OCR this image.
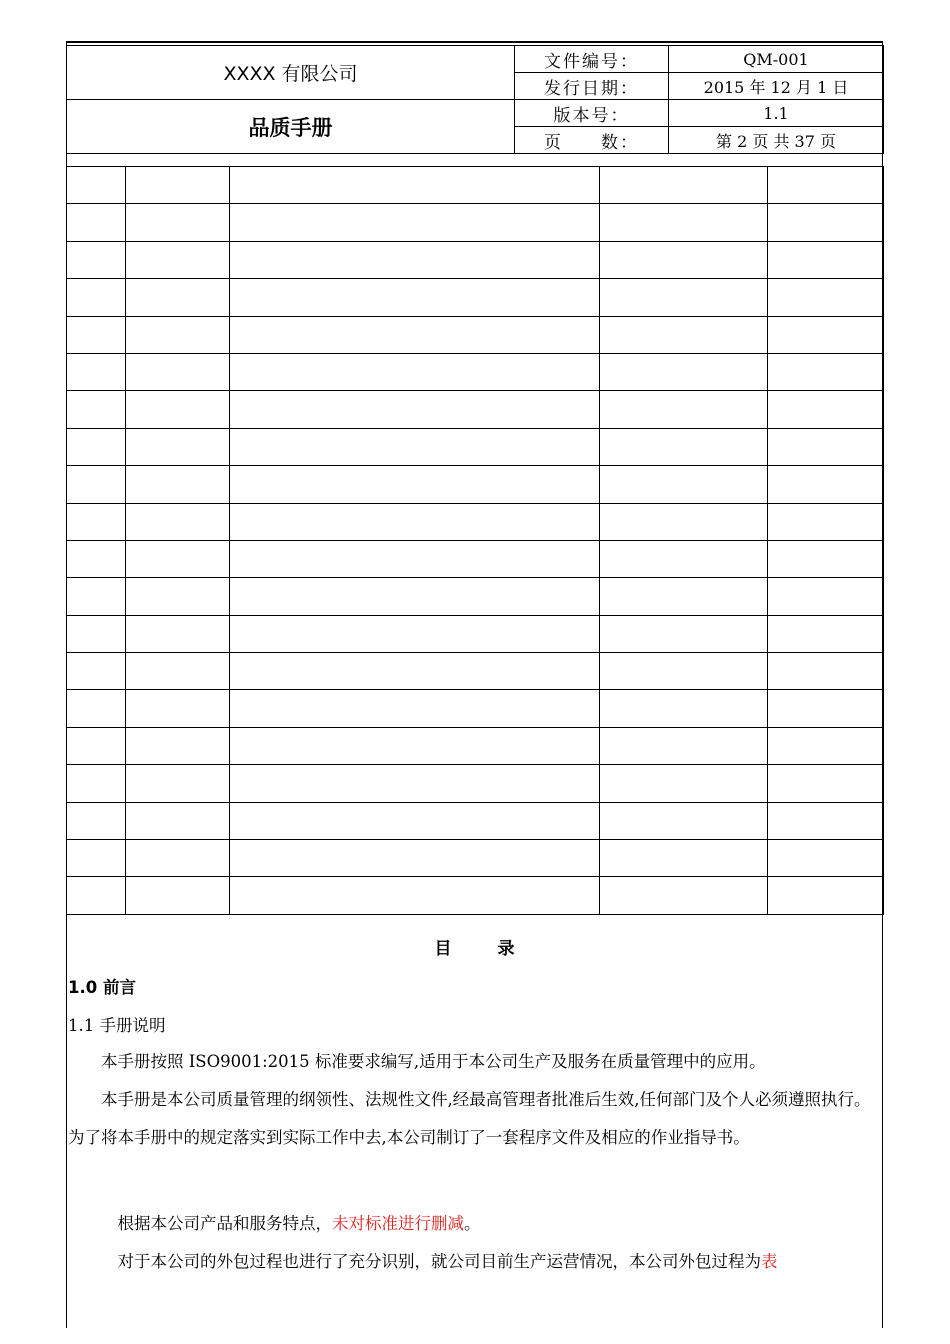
XXXX 有限公司	文件编号：	QM-001
	发行日期：	2015 年 12 月 1 日
品质手册	版本号：	1.1
	页　　数：	第 2 页 共 37 页

目 录
1.0 前言
1.1 手册说明
本手册按照 ISO9001:2015 标准要求编写,适用于本公司生产及服务在质量管理中的应用。
本手册是本公司质量管理的纲领性、法规性文件,经最高管理者批准后生效,任何部门及个人必须遵照执行。为了将本手册中的规定落实到实际工作中去,本公司制订了一套程序文件及相应的作业指导书。
根据本公司产品和服务特点，未对标准进行删减。
对于本公司的外包过程也进行了充分识别，就公司目前生产运营情况，本公司外包过程为表
